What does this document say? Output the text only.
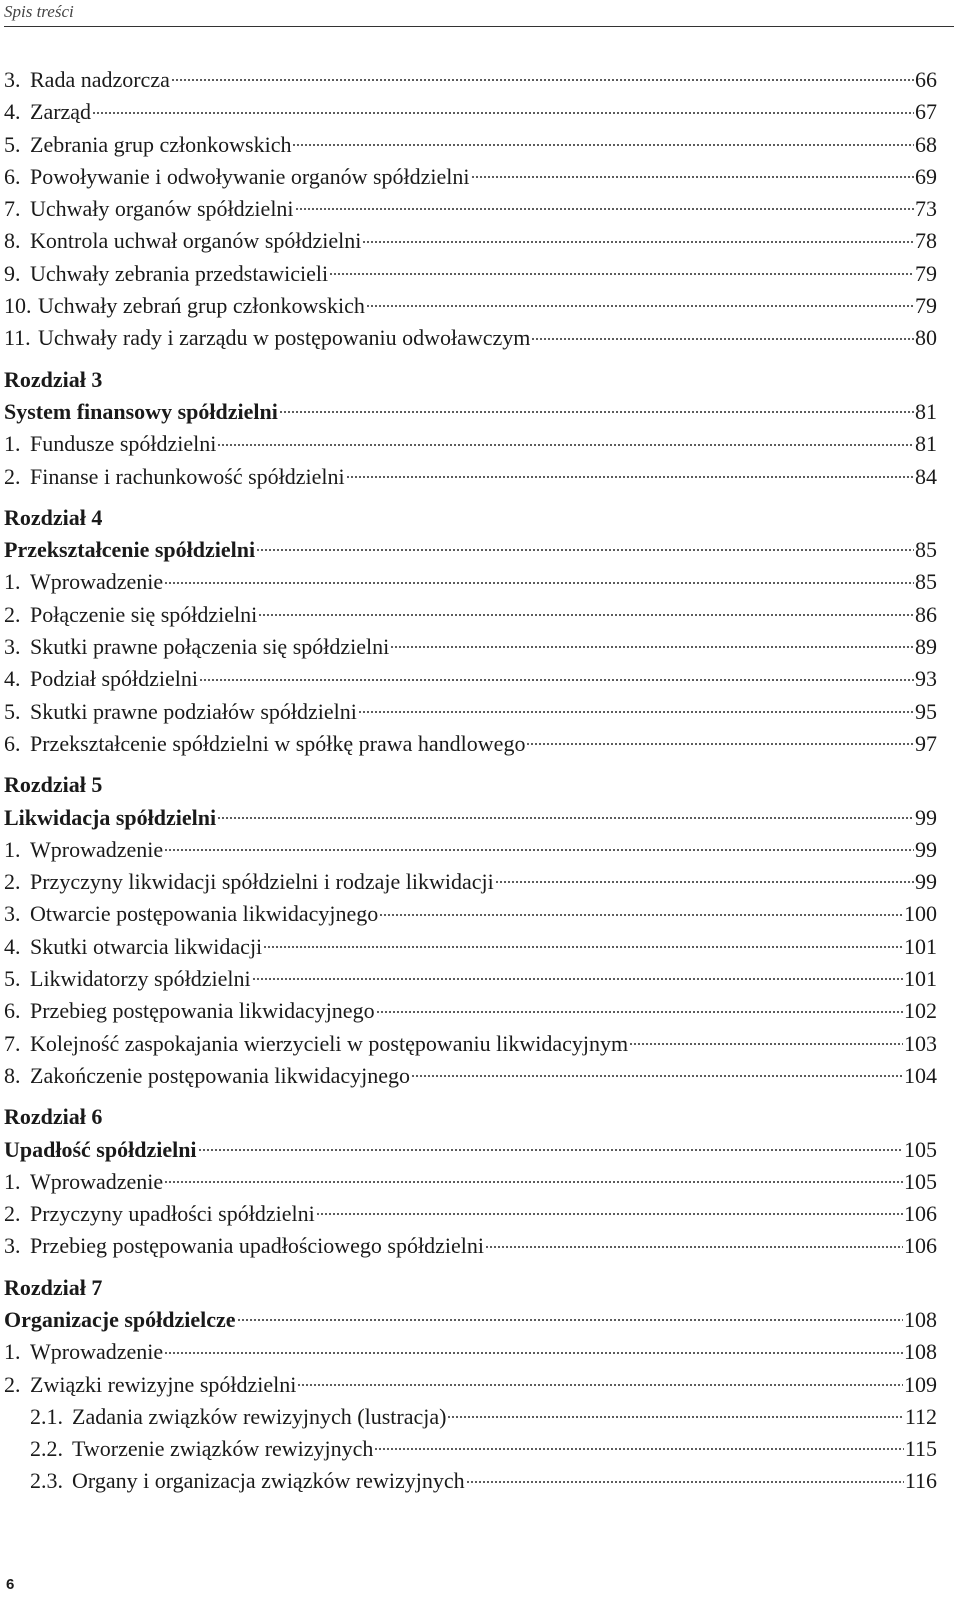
Spis treści
3. Rada nadzorcza	66
4. Zarząd	67
5. Zebrania grup członkowskich	68
6. Powoływanie i odwoływanie organów spółdzielni	69
7. Uchwały organów spółdzielni	73
8. Kontrola uchwał organów spółdzielni	78
9. Uchwały zebrania przedstawicieli	79
10. Uchwały zebrań grup członkowskich	79
11. Uchwały rady i zarządu w postępowaniu odwoławczym	80
Rozdział 3
System finansowy spółdzielni	81
1. Fundusze spółdzielni	81
2. Finanse i rachunkowość spółdzielni	84
Rozdział 4
Przekształcenie spółdzielni	85
1. Wprowadzenie	85
2. Połączenie się spółdzielni	86
3. Skutki prawne połączenia się spółdzielni	89
4. Podział spółdzielni	93
5. Skutki prawne podziałów spółdzielni	95
6. Przekształcenie spółdzielni w spółkę prawa handlowego	97
Rozdział 5
Likwidacja spółdzielni	99
1. Wprowadzenie	99
2. Przyczyny likwidacji spółdzielni i rodzaje likwidacji	99
3. Otwarcie postępowania likwidacyjnego	100
4. Skutki otwarcia likwidacji	101
5. Likwidatorzy spółdzielni	101
6. Przebieg postępowania likwidacyjnego	102
7. Kolejność zaspokajania wierzycieli w postępowaniu likwidacyjnym	103
8. Zakończenie postępowania likwidacyjnego	104
Rozdział 6
Upadłość spółdzielni	105
1. Wprowadzenie	105
2. Przyczyny upadłości spółdzielni	106
3. Przebieg postępowania upadłościowego spółdzielni	106
Rozdział 7
Organizacje spółdzielcze	108
1. Wprowadzenie	108
2. Związki rewizyjne spółdzielni	109
2.1. Zadania związków rewizyjnych (lustracja)	112
2.2. Tworzenie związków rewizyjnych	115
2.3. Organy i organizacja związków rewizyjnych	116
6
